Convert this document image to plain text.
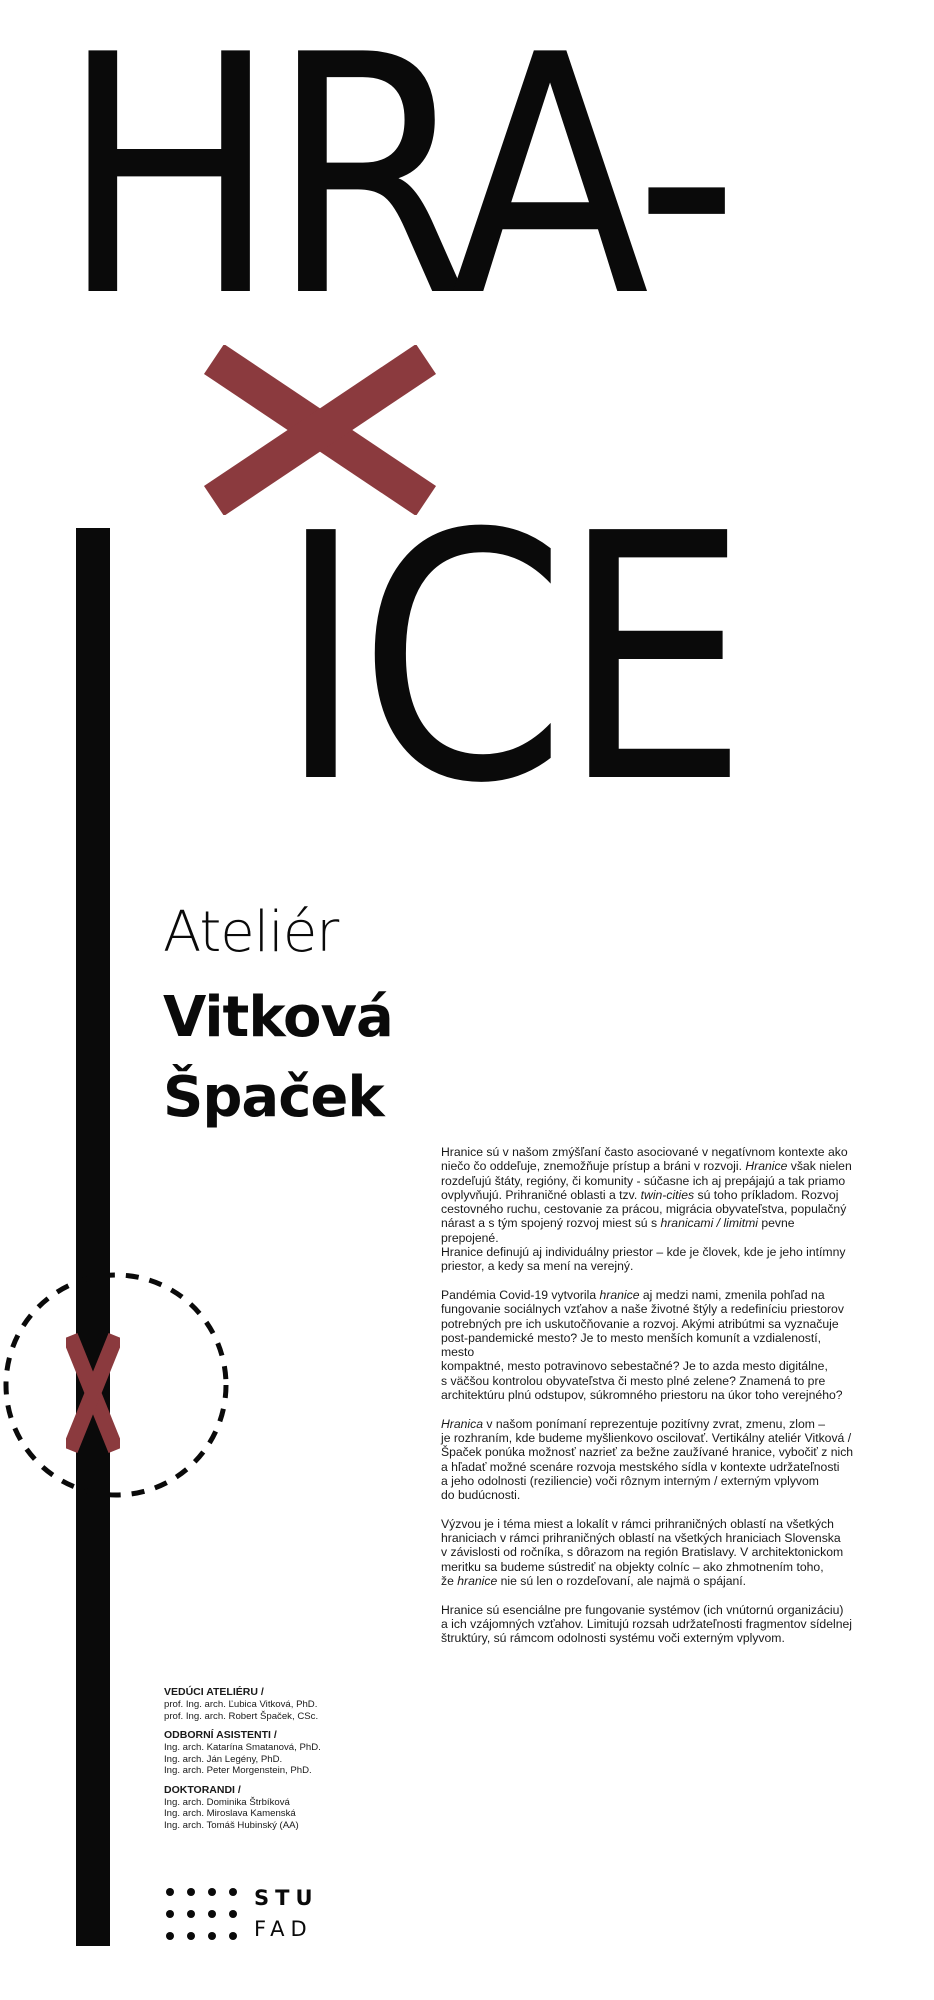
HRA-
ICE
Ateliér
Vitková
Špaček

Hranice sú v našom zmýšľaní často asociované v negatívnom kontexte ako
niečo čo oddeľuje, znemožňuje prístup a bráni v rozvoji. Hranice však nielen
rozdeľujú štáty, regióny, či komunity - súčasne ich aj prepájajú a tak priamo
ovplyvňujú. Prihraničné oblasti a tzv. twin-cities sú toho príkladom. Rozvoj
cestovného ruchu, cestovanie za prácou, migrácia obyvateľstva, populačný
nárast a s tým spojený rozvoj miest sú s hranicami / limitmi pevne prepojené.
Hranice definujú aj individuálny priestor – kde je človek, kde je jeho intímny
priestor, a kedy sa mení na verejný.

Pandémia Covid-19 vytvorila hranice aj medzi nami, zmenila pohľad na
fungovanie sociálnych vzťahov a naše životné štýly a redefiníciu priestorov
potrebných pre ich uskutočňovanie a rozvoj. Akými atribútmi sa vyznačuje
post-pandemické mesto? Je to mesto menších komunít a vzdialeností, mesto
kompaktné, mesto potravinovo sebestačné? Je to azda mesto digitálne,
s väčšou kontrolou obyvateľstva či mesto plné zelene? Znamená to pre
architektúru plnú odstupov, súkromného priestoru na úkor toho verejného?

Hranica v našom ponímaní reprezentuje pozitívny zvrat, zmenu, zlom –
je rozhraním, kde budeme myšlienkovo oscilovať. Vertikálny ateliér Vitková /
Špaček ponúka možnosť nazrieť za bežne zaužívané hranice, vybočiť z nich
a hľadať možné scenáre rozvoja mestského sídla v kontexte udržateľnosti
a jeho odolnosti (reziliencie) voči rôznym interným / externým vplyvom
do budúcnosti.

Výzvou je i téma miest a lokalít v rámci prihraničných oblastí na všetkých
hraniciach v rámci prihraničných oblastí na všetkých hraniciach Slovenska
v závislosti od ročníka, s dôrazom na región Bratislavy. V architektonickom
meritku sa budeme sústrediť na objekty colníc – ako zhmotnením toho,
že hranice nie sú len o rozdeľovaní, ale najmä o spájaní.

Hranice sú esenciálne pre fungovanie systémov (ich vnútornú organizáciu)
a ich vzájomných vzťahov. Limitujú rozsah udržateľnosti fragmentov sídelnej
štruktúry, sú rámcom odolnosti systému voči externým vplyvom.

VEDÚCI ATELIÉRU /
prof. Ing. arch. Ľubica Vitková, PhD.
prof. Ing. arch. Robert Špaček, CSc.
ODBORNÍ ASISTENTI /
Ing. arch. Katarína Smatanová, PhD.
Ing. arch. Ján Legény, PhD.
Ing. arch. Peter Morgenstein, PhD.
DOKTORANDI /
Ing. arch. Dominika Štrbíková
Ing. arch. Miroslava Kamenská
Ing. arch. Tomáš Hubinský (AA)
STU
FAD
